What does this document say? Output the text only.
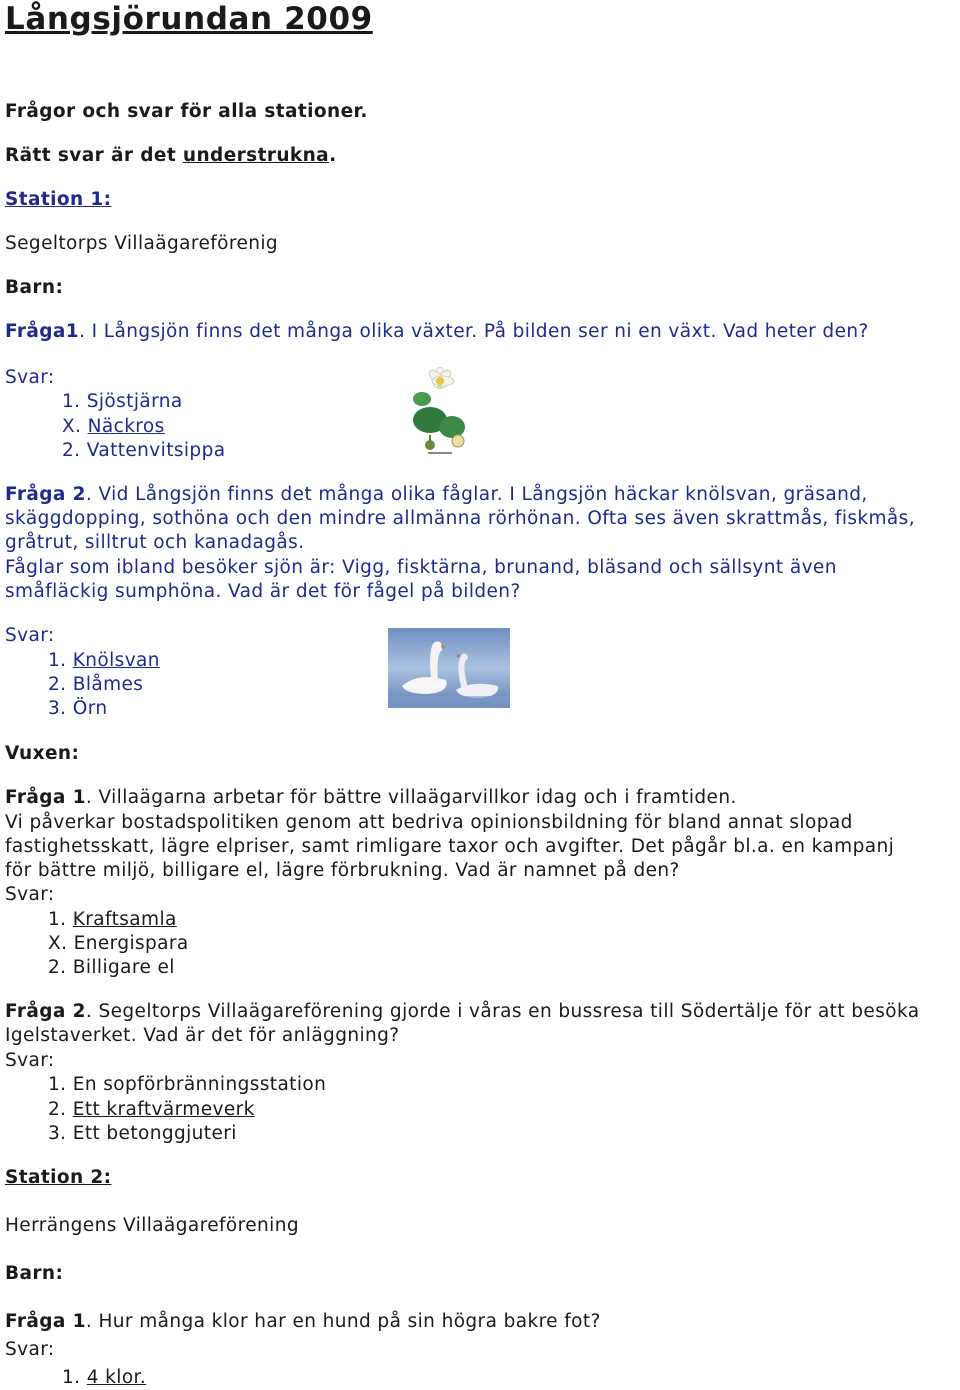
Långsjörundan 2009
Frågor och svar för alla stationer.
Rätt svar är det understrukna.
Station 1:
Segeltorps Villaägareförenig
Barn:
Fråga1. I Långsjön finns det många olika växter. På bilden ser ni en växt. Vad heter den?
Svar:
1. Sjöstjärna
X. Näckros
2. Vattenvitsippa
Fråga 2. Vid Långsjön finns det många olika fåglar. I Långsjön häckar knölsvan, gräsand,
skäggdopping, sothöna och den mindre allmänna rörhönan. Ofta ses även skrattmås, fiskmås,
gråtrut, silltrut och kanadagås.
Fåglar som ibland besöker sjön är: Vigg, fisktärna, brunand, bläsand och sällsynt även
småfläckig sumphöna. Vad är det för fågel på bilden?
Svar:
1. Knölsvan
2. Blåmes
3. Örn
Vuxen:
Fråga 1. Villaägarna arbetar för bättre villaägarvillkor idag och i framtiden.
Vi påverkar bostadspolitiken genom att bedriva opinionsbildning för bland annat slopad
fastighetsskatt, lägre elpriser, samt rimligare taxor och avgifter. Det pågår bl.a. en kampanj
för bättre miljö, billigare el, lägre förbrukning. Vad är namnet på den?
Svar:
1. Kraftsamla
X. Energispara
2. Billigare el
Fråga 2. Segeltorps Villaägareförening gjorde i våras en bussresa till Södertälje för att besöka
Igelstaverket. Vad är det för anläggning?
Svar:
1. En sopförbränningsstation
2. Ett kraftvärmeverk
3. Ett betonggjuteri
Station 2:
Herrängens Villaägareförening
Barn:
Fråga 1. Hur många klor har en hund på sin högra bakre fot?
Svar:
1. 4 klor.
